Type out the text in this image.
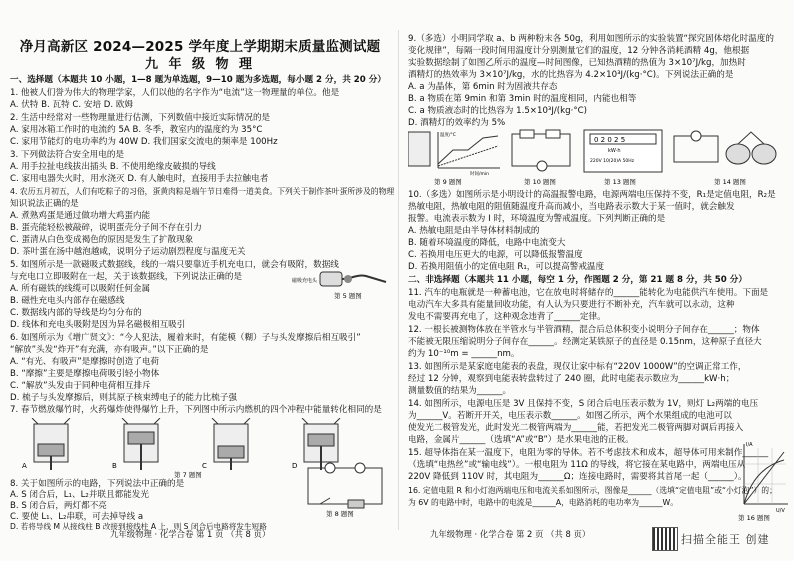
净月高新区 2024—2025 学年度上学期期末质量监测试题
九 年 级 物 理
一、选择题（本题共 10 小题，1—8 题为单选题，9—10 题为多选题，每小题 2 分，共 20 分）
1. 他被人们誉为伟大的物理学家，人们以他的名字作为“电流”这一物理量的单位。他是
A. 伏特 B. 瓦特 C. 安培 D. 欧姆
2. 生活中经常对一些物理量进行估测，下列数值中接近实际情况的是
A. 家用冰箱工作时的电流约 5A B. 冬季，教室内的温度约为 35°C
C. 家用节能灯的电功率约为 40W D. 我们国家交流电的频率是 100Hz
3. 下列做法符合安全用电的是
A. 用手拉扯电线拔出插头 B. 不使用绝缘皮破损的导线
C. 家用电器失火时，用水浇灭 D. 有人触电时，直接用手去拉触电者
4. 农历五月初五，人们有吃粽子的习俗，蛋黄肉粽是端午节日难得一道美食。下列关于制作茶叶蛋所涉及的物理
知识说法正确的是
A. 煮熟鸡蛋是通过做功增大鸡蛋内能
B. 蛋壳能轻松被敲碎，说明蛋壳分子间不存在引力
C. 蛋清从白色变成褐色的原因是发生了扩散现象
D. 茶叶蛋在汤中越泡越咸，说明分子运动剧烈程度与温度无关
5. 如图所示是一款磁吸式数据线，线的一端只要靠近手机充电口，就会有吸附，数据线
与充电口立即吸附在一起，关于该数据线，下列说法正确的是
A. 所有磁铁的线缆可以吸附任何金属
B. 磁性充电头内部存在磁感线
C. 数据线内部的导线是均匀分布的
D. 线体和充电头吸附是因为异名磁极相互吸引
磁吸充电头
第 5 题图
6. 如图所示为《增广贤文》：“今人犯法，履着来时，有能模（糊）子与头发摩擦后相互吸引”
“解放”头发“炸开”有充满，亦有吸声。”以下正确的是
A. “有光、有吸声”是摩擦时创造了电荷
B. “摩擦”主要是摩擦电荷吸引轻小物体
C. “解放”头发由于同种电荷相互排斥
D. 梳子与头发摩擦后，则其原子核束缚电子的能力比梳子强
7. 春节燃放爆竹时，火药爆炸使得爆竹上升，下列图中所示内燃机的四个冲程中能量转化相同的是
A	B	C	D
第 7 题图
8. 关于如图所示的电路，下列说法中正确的是
A. S 闭合后，L₁、L₂并联且都能发光
B. S 闭合后，两灯都不亮
C. 要使 L₁、L₂串联，可去掉导线 a
D. 若将导线 M 从接线柱 B 改接到接线柱 A 上，则 S 闭合后电路将发生短路
第 8 题图
九年级物理 · 化学合卷 第 1 页 （共 8 页）
9.（多选）小明同学取 a、b 两种粉末各 50g，利用如图所示的实验装置“探究固体熔化时温度的
变化规律”，每隔一段时间用温度计分别测量它们的温度，12 分钟各消耗酒精 4g，他根据
实验数据绘制了如图乙所示的温度—时间图像，已知热酒精的热值为 3×10⁷J/kg，加热时
酒精灯的热效率为 3×10⁷J/kg，水的比热容为 4.2×10³J/(kg·°C)。下列说法正确的是
A. a 为晶体，第 6min 时为固液共存态
B. a 物质在第 9min 和第 3min 时的温度相同，内能也相等
C. a 物质液态时的比热容为 1.5×10³J/(kg·°C)
D. 酒精灯的效率约为 5%
温度/°C
时间/min
第 9 题图	第 10 题图
0 2 0 2 5
kW·h
220V 10(20)A 50Hz
第 13 题图	第 14 题图
10.（多选）如图所示是小明设计的高温报警电路，电源两端电压保持不变，R₁是定值电阻，R₂是
热敏电阻，热敏电阻的阻值随温度升高而减小，当电路表示数大于某一值时，就会触发
报警。电流表示数为 I 时，环境温度为警戒温度。下列判断正确的是
A. 热敏电阻是由半导体材料制成的
B. 随着环境温度的降低，电路中电流变大
C. 若换用电压更大的电源，可以降低报警温度
D. 若换用阻值小的定值电阻 R₁，可以提高警戒温度
二、非选择题（本题共 11 小题，每空 1 分，作图题 2 分，第 21 题 8 分，共 50 分）
11. 汽车的电瓶就是一种蓄电池，它在放电时将储存的______能转化为电能供汽车使用。下面是
电动汽车大多具有能量回收功能，有人认为只要进行不断补充，汽车就可以永动，这种
发电不需要再充电了，这种观念违背了______定律。
12. 一根长被测物体放在半管水与半管酒精，混合后总体积变小说明分子间存在______；物体
不能被无限压缩说明分子间存在______。经测定某铁原子的直径是 0.15nm，这种原子直径大
约为 10⁻¹⁰m = ______nm。
13. 如图所示是某家庭电能表的表盘，现仅让家中标有“220V 1000W”的空调正常工作，
经过 12 分钟，观察到电能表转盘转过了 240 圈，此时电能表示数应为______kW·h；
测量数值的结果为______。
14. 如图所示，电源电压是 3V 且保持不变，S 闭合后电压表示数为 1V，则灯 L₂两端的电压
为______V。若断开开关，电压表示数______。如图乙所示，两个水果组成的电池可以
使发光二极管发光，此时发光二极管两端为______能，若把发光二极管两脚对调后再接入
电路，金属片______（选填“A”或“B”）是水果电池的正极。
15. 超导体指在某一温度下，电阻为零的导体。若不考虑技术和成本，超导体可用来制作______
（选填“电热丝”或“输电线”）。一根电阻为 11Ω 的导线，将它接在某电路中，两端电压从
220V 降低到 110V 时，其电阻为______Ω；连接电路时，需要将其首尾一起（______）。
16. 定值电阻 R 和小灯泡两端电压和电流关系如图所示，图像是______（选填“定值电阻”或“小灯泡”）的；
为 6V 的电路中时，电路中的电流是______A，电路消耗的电功率为______W。
I/A
U/V
第 16 题图
九年级物理 · 化学合卷 第 2 页 （共 8 页）	扫描全能王 创建
